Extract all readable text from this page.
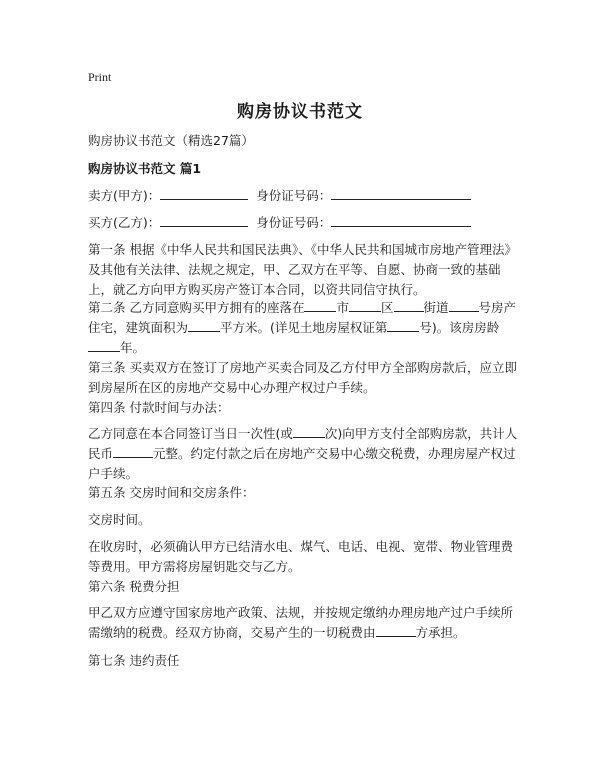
Print
购房协议书范文
购房协议书范文（精选27篇）
购房协议书范文 篇1
卖方(甲方)：	身份证号码：
买方(乙方)：	身份证号码：
第一条 根据《中华人民共和国民法典》、《中华人民共和国城市房地产管理法》及其他有关法律、法规之规定，甲、乙双方在平等、自愿、协商一致的基础上，就乙方向甲方购买房产签订本合同，以资共同信守执行。
第二条 乙方同意购买甲方拥有的座落在	市	区 街道 号房产住宅，建筑面积为	平方米。(详见土地房屋权证第	号)。该房房龄年。
第三条 买卖双方在签订了房地产买卖合同及乙方付甲方全部购房款后，应立即到房屋所在区的房地产交易中心办理产权过户手续。
第四条 付款时间与办法：
乙方同意在本合同签订当日一次性(或	次)向甲方支付全部购房款，共计人民币	元整。约定付款之后在房地产交易中心缴交税费，办理房屋产权过户手续。
第五条 交房时间和交房条件：
交房时间。
在收房时，必须确认甲方已结清水电、煤气、电话、电视、宽带、物业管理费等费用。甲方需将房屋钥匙交与乙方。
第六条 税费分担
甲乙双方应遵守国家房地产政策、法规，并按规定缴纳办理房地产过户手续所需缴纳的税费。经双方协商，交易产生的一切税费由	方承担。
第七条 违约责任
